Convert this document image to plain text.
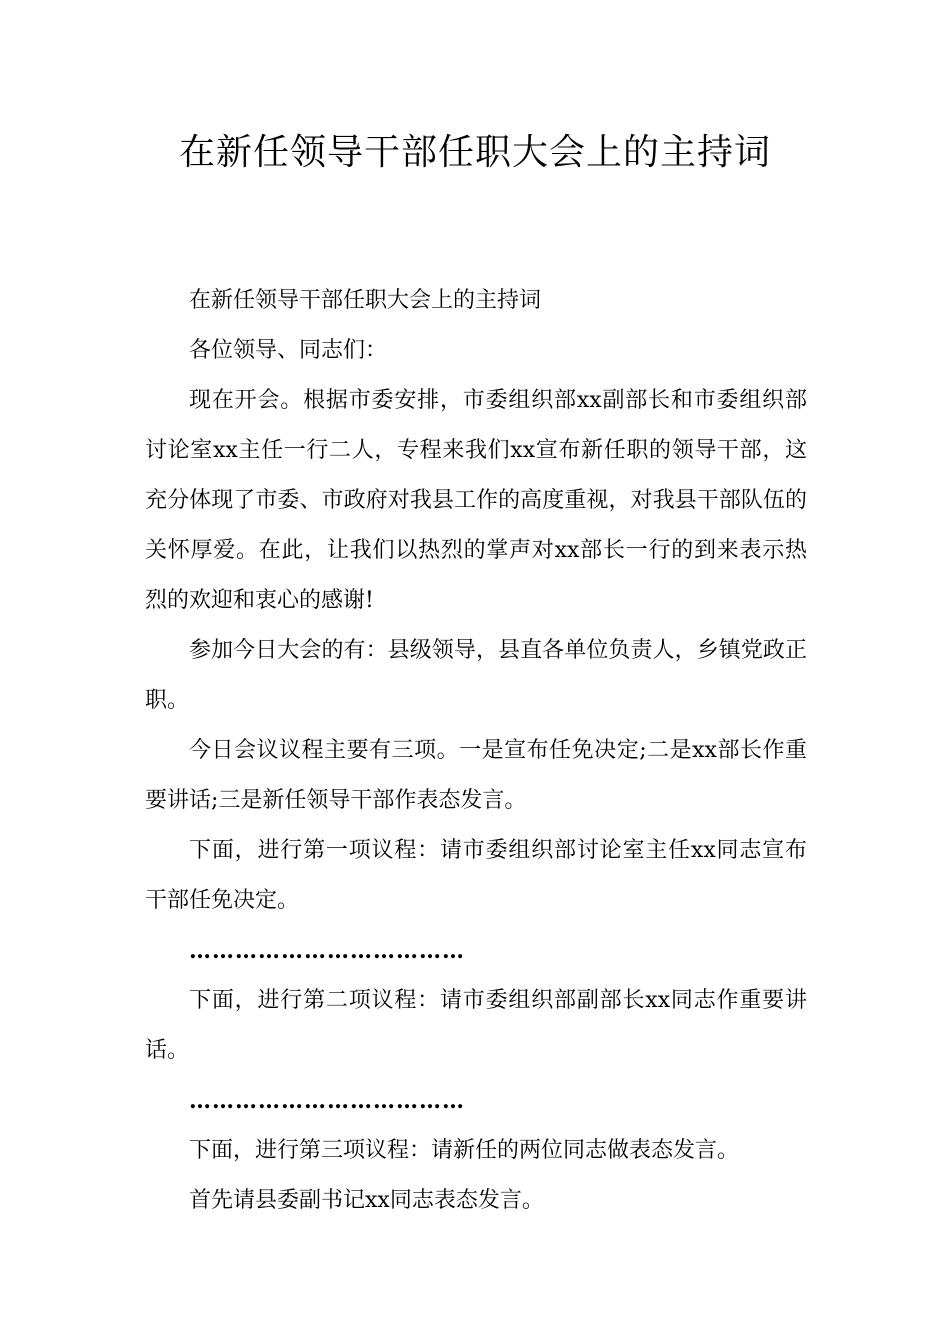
在新任领导干部任职大会上的主持词

在新任领导干部任职大会上的主持词

各位领导、同志们：

现在开会。根据市委安排，市委组织部xx副部长和市委组织部讨论室xx主任一行二人，专程来我们xx宣布新任职的领导干部，这充分体现了市委、市政府对我县工作的高度重视，对我县干部队伍的关怀厚爱。在此，让我们以热烈的掌声对xx部长一行的到来表示热烈的欢迎和衷心的感谢!

参加今日大会的有：县级领导，县直各单位负责人，乡镇党政正职。

今日会议议程主要有三项。一是宣布任免决定;二是xx部长作重要讲话;三是新任领导干部作表态发言。

下面，进行第一项议程：请市委组织部讨论室主任xx同志宣布干部任免决定。

………………………………

下面，进行第二项议程：请市委组织部副部长xx同志作重要讲话。

………………………………

下面，进行第三项议程：请新任的两位同志做表态发言。

首先请县委副书记xx同志表态发言。
